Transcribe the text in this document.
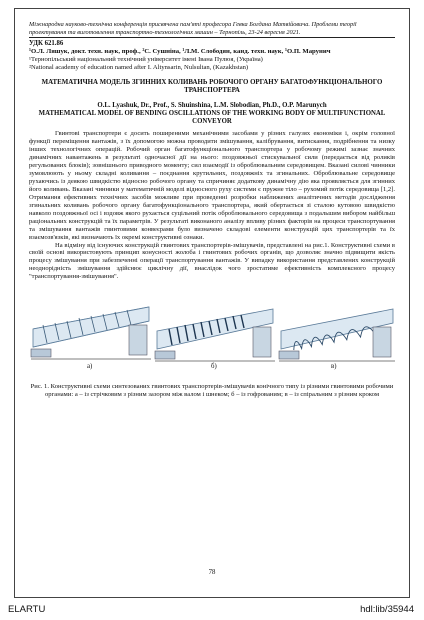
Міжнародна науково-технічна конференція присвячена пам'яті професора Гевка Богдана Матвійовича. Проблеми теорії проектування та виготовлення транспортно-технологічних машин – Тернопіль, 23-24 вересня 2021.
УДК 621.86
¹О.Л. Ляшук, докт. техн. наук, проф., ²С. Сушніна, ¹Л.М. Слободян, канд. техн. наук, ¹О.П. Марунич
¹Тернопільський національний технічний університет імені Івана Пулюя, (Україна)
²National academy of education named after I. Altynsarin, Nulsultan, (Kazakhstan)
МАТЕМАТИЧНА МОДЕЛЬ ЗГИННИХ КОЛИВАНЬ РОБОЧОГО ОРГАНУ БАГАТОФУНКЦІОНАЛЬНОГО ТРАНСПОРТЕРА
O.L. Lyashuk, Dr., Prof., S. Shuinshina, L.M. Slobodian, Ph.D., O.P. Marunych
MATHEMATICAL MODEL OF BENDING OSCILLATIONS OF THE WORKING BODY OF MULTIFUNCTIONAL CONVEYOR

Гвинтові транспортери є досить поширеними механічними засобами у різних галузях економіки і, окрім головної функції переміщення вантажів, з їх допомогою можна проводити змішування, калібрування, витискання, подрібнення та низку інших технологічних операцій. Робочий орган багатофункціонального транспортера у робочому режимі зазнає значних динамічних навантажень в результаті одночасної дії на нього: поздовжньої стискувальної сили (передається від роликів регульованих блоків); зовнішнього приводного моменту; сил взаємодії із оброблювальним середовищем. Вказані силові чинники зумовлюють у ньому складні коливання – поєднання крутильних, поздовжніх та згинальних. Оброблювальне середовище рухаючись із деякою швидкістю відносно робочого органу та спричиняє додаткову динамічну дію яка проявляється для згинних його коливань. Вказані чинники у математичній моделі відносного руху системи є пружне тіло – рухомий потік середовища [1,2]. Отримання ефективних технічних засобів можливе при проведенні розробки наближених аналітичних методів дослідження згинальних коливань робочого органу багатофункціонального транспортера, який обертається зі сталою кутовою швидкістю навколо поздовжньої осі і вздовж якого рухається суцільний потік оброблювального середовища з подальшим вибором найбільш раціональних конструкцій та їх параметрів. У результаті виконаного аналізу впливу різних факторів на процеси транспортування та змішування вантажів гвинтовими конвеєрами було визначено складові елементи конструкцій цих транспортерів та їх взаємозв'язків, які визначають їх окремі конструктивні ознаки.

На відміну від існуючих конструкцій гвинтових транспортерів-змішувачів, представлені на рис.1. Конструктивні схеми в своїй основі використовують принцип конусності жолоба і гвинтових робочих органів, що дозволяє значно підвищити якість процесу змішування при забезпеченні операції транспортування вантажів. У випадку використання представлених конструкцій неоднорідність змішування здійснює циклічну дії, внаслідок чого зростатиме ефективність комплексного процесу "транспортування-змішування".

а)	б)	в)
Рис. 1. Конструктивні схеми синтезованих гвинтових транспортерів-змішувачів конічного типу із різними гвинтовими робочими органами: а – із стрічковим з різним зазором між валом і шнеком; б – із гофрованим; в – із спіральним з різним кроком
78
ELARTU	hdl:lib/35944
